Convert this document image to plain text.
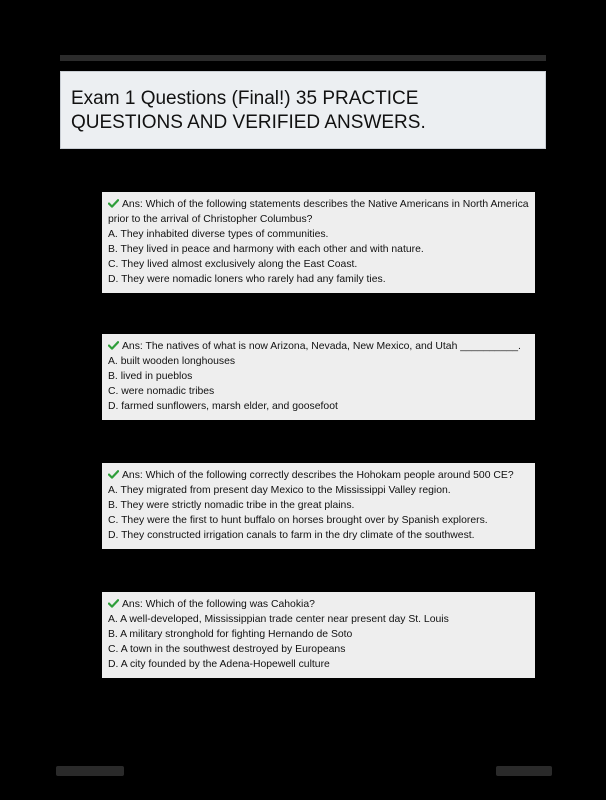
Exam 1 Questions (Final!) 35 PRACTICE QUESTIONS AND VERIFIED ANSWERS.
Ans: Which of the following statements describes the Native Americans in North America prior to the arrival of Christopher Columbus?
A. They inhabited diverse types of communities.
B. They lived in peace and harmony with each other and with nature.
C. They lived almost exclusively along the East Coast.
D. They were nomadic loners who rarely had any family ties.
Ans: The natives of what is now Arizona, Nevada, New Mexico, and Utah __________.
A. built wooden longhouses
B. lived in pueblos
C. were nomadic tribes
D. farmed sunflowers, marsh elder, and goosefoot
Ans: Which of the following correctly describes the Hohokam people around 500 CE?
A. They migrated from present day Mexico to the Mississippi Valley region.
B. They were strictly nomadic tribe in the great plains.
C. They were the first to hunt buffalo on horses brought over by Spanish explorers.
D. They constructed irrigation canals to farm in the dry climate of the southwest.
Ans: Which of the following was Cahokia?
A. A well-developed, Mississippian trade center near present day St. Louis
B. A military stronghold for fighting Hernando de Soto
C. A town in the southwest destroyed by Europeans
D. A city founded by the Adena-Hopewell culture
